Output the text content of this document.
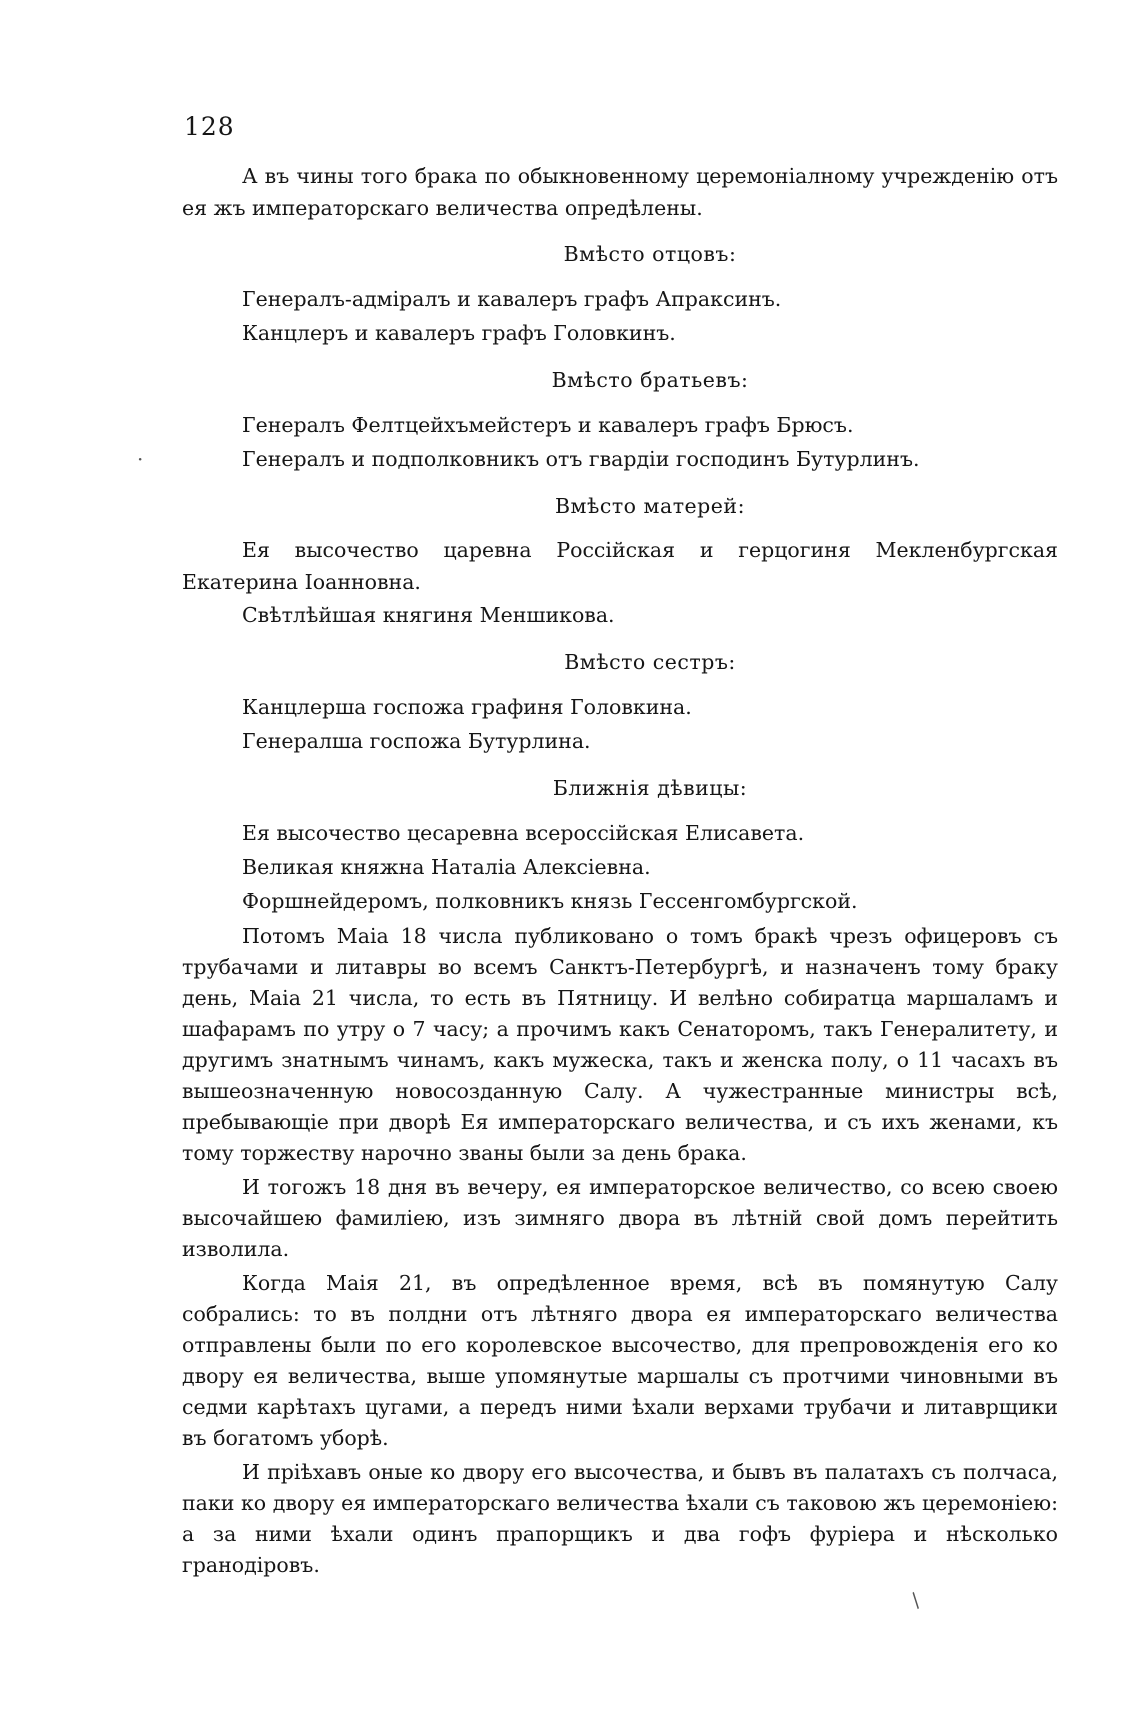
128

А въ чины того брака по обыкновенному церемоніалному учрежденію отъ ея жъ императорскаго величества опредѣлены.

Вмѣсто отцовъ:

Генералъ-адміралъ и кавалеръ графъ Апраксинъ.

Канцлеръ и кавалеръ графъ Головкинъ.

Вмѣсто братьевъ:

Генералъ Фелтцейхъмейстеръ и кавалеръ графъ Брюсъ.

Генералъ и подполковникъ отъ гвардіи господинъ Бутурлинъ.

Вмѣсто матерей:

Ея высочество царевна Россійская и герцогиня Мекленбургская Екатерина Іоанновна.

Свѣтлѣйшая княгиня Меншикова.

Вмѣсто сестръ:

Канцлерша госпожа графиня Головкина.

Генералша госпожа Бутурлина.

Ближнія дѣвицы:

Ея высочество цесаревна всероссійская Елисавета.

Великая княжна Наталіа Алексіевна.

Форшнейдеромъ, полковникъ князь Гессенгомбургской.

Потомъ Маіа 18 числа публиковано о томъ бракѣ чрезъ офицеровъ съ трубачами и литавры во всемъ Санктъ-Петербургѣ, и назначенъ тому браку день, Маіа 21 числа, то есть въ Пятницу. И велѣно собиратца маршаламъ и шафарамъ по утру о 7 часу; а прочимъ какъ Сенаторомъ, такъ Генералитету, и другимъ знатнымъ чинамъ, какъ мужеска, такъ и женска полу, о 11 часахъ въ вышеозначенную новосозданную Салу. А чужестранные министры всѣ, пребывающіе при дворѣ Ея императорскаго величества, и съ ихъ женами, къ тому торжеству нарочно званы были за день брака.

И тогожъ 18 дня въ вечеру, ея императорское величество, со всею своею высочайшею фамиліею, изъ зимняго двора въ лѣтній свой домъ перейтить изволила.

Когда Маія 21, въ опредѣленное время, всѣ въ помянутую Салу собрались: то въ полдни отъ лѣтняго двора ея императорскаго величества отправлены были по его королевское высочество, для препровожденія его ко двору ея величества, выше упомянутые маршалы съ протчими чиновными въ седми карѣтахъ цугами, а передъ ними ѣхали верхами трубачи и литаврщики въ богатомъ уборѣ.

И пріѣхавъ оные ко двору его высочества, и бывъ въ палатахъ съ полчаса, паки ко двору ея императорскаго величества ѣхали съ таковою жъ церемоніею: а за ними ѣхали одинъ прапорщикъ и два гофъ фуріера и нѣсколько гранодіровъ.

·
/
